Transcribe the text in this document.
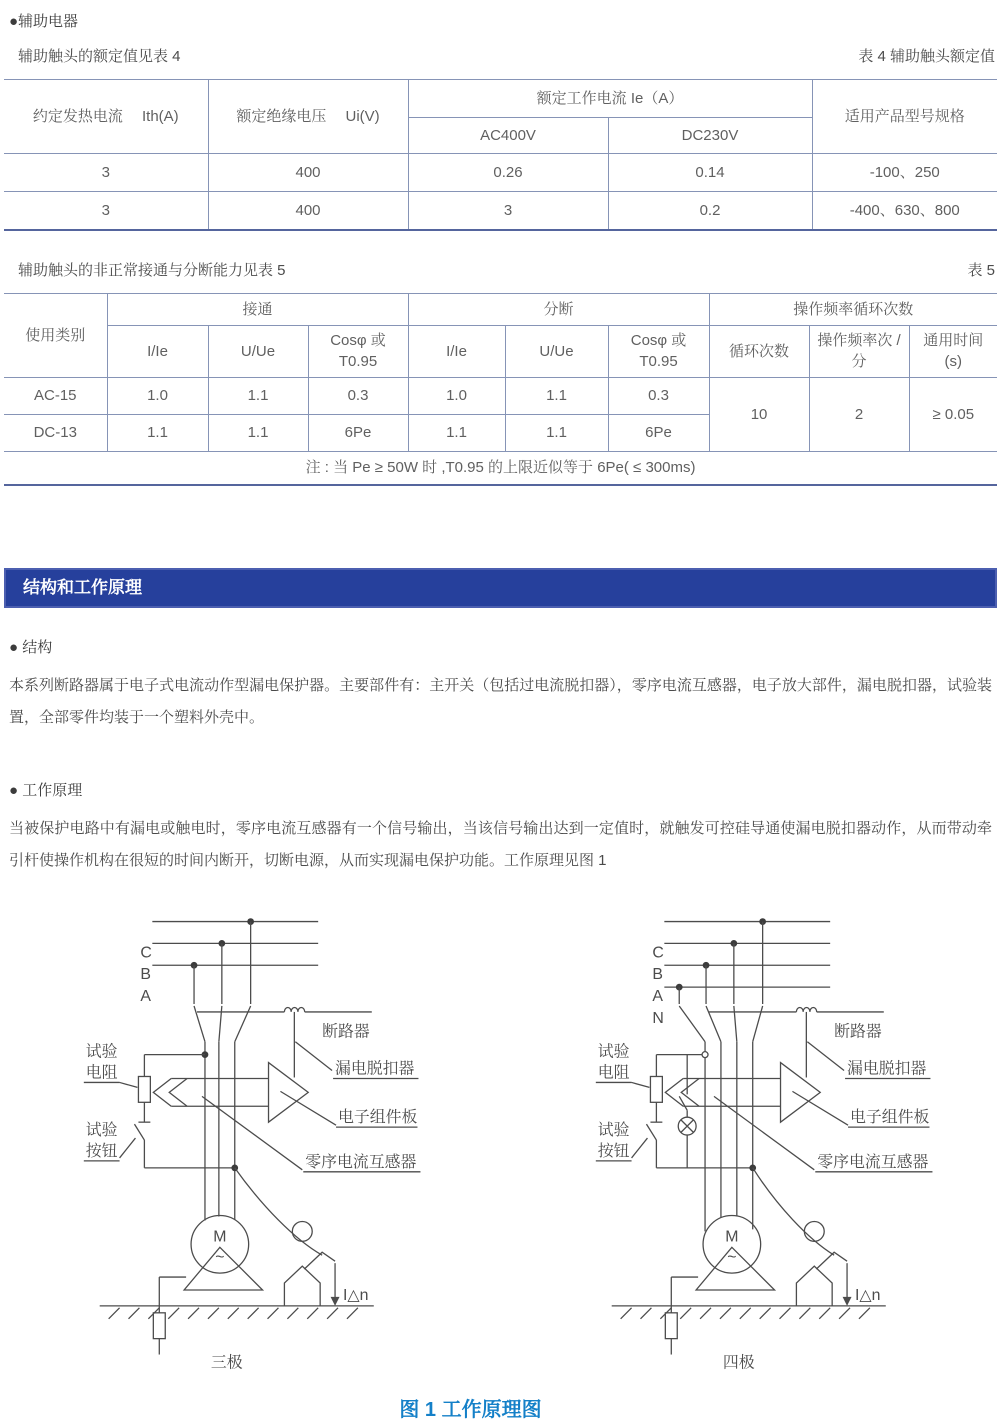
●辅助电器
辅助触头的额定值见表 4	表 4 辅助触头额定值
约定发热电流　 Ith(A)	额定绝缘电压　 Ui(V)	额定工作电流 Ie（A）		适用产品型号规格
		AC400V	DC230V	
3	400	0.26	0.14	-100、250
3	400	3	0.2	-400、630、800
辅助触头的非正常接通与分断能力见表 5	表 5
使用类别	接通			分断			操作频率循环次数		
	I/Ie	U/Ue	Cosφ 或 T0.95	I/Ie	U/Ue	Cosφ 或 T0.95	循环次数	操作频率次 / 分	通用时间 (s)
AC-15	1.0	1.1	0.3	1.0	1.1	0.3	10	2	≥ 0.05
DC-13	1.1	1.1	6Pe	1.1	1.1	6Pe			
注 : 当 Pe ≥ 50W 时 ,T0.95 的上限近似等于 6Pe( ≤ 300ms)									
结构和工作原理
● 结构

本系列断路器属于电子式电流动作型漏电保护器。主要部件有：主开关（包括过电流脱扣器），零序电流互感器，电子放大部件，漏电脱扣器，试验装置，全部零件均装于一个塑料外壳中。

● 工作原理

当被保护电路中有漏电或触电时，零序电流互感器有一个信号输出，当该信号输出达到一定值时，就触发可控硅导通使漏电脱扣器动作，从而带动牵引杆使操作机构在很短的时间内断开，切断电源，从而实现漏电保护功能。工作原理见图 1

C
B
A
断路器
漏电脱扣器
电子组件板
零序电流互感器
试验
电阻
试验
按钮
M
~
I△n
三极
C
B
A
N
断路器
漏电脱扣器
电子组件板
零序电流互感器
试验
电阻
试验
按钮
M
~
I△n
四极
图 1 工作原理图
